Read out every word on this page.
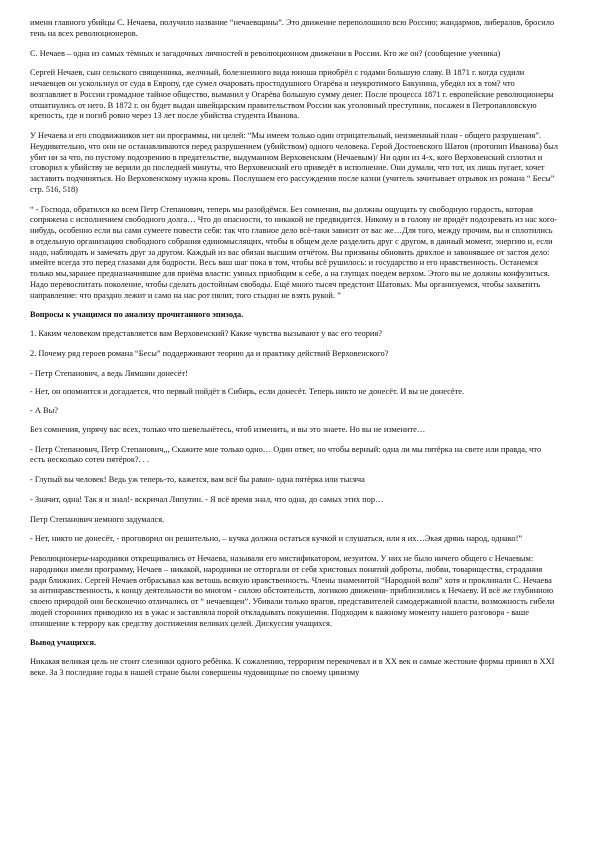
имени главного убийцы С. Нечаева, получило название “нечаевщины”. Это движение переполошило всю Россию; жандармов, либералов, бросило тень на всех революционеров.

С. Нечаев – одна из самых тёмных и загадочных личностей в революционном движении в России. Кто же он? (сообщение ученика)

Сергей Нечаев, сын сельского священника, желчный, болезненного вида юноша приобрёл с годами большую славу. В 1871 г. когда судили нечаевцев он ускользнул от суда в Европу, где сумел очаровать простодушного Огарёва и неукротимого Бакунина, убедил их в том? что возглавляет в России громадное тайное общество, выманил у Огарёва большую сумму денег. После процесса 1871 г. европейские революционеры отшатнулись от него. В 1872 г. он будет выдан швейцарским правительством России как уголовный преступник, посажен в Петропавловскую крепость, где и погиб ровно через 13 лет после убийства студента Иванова.

У Нечаева и его сподвижников нет ни программы, ни целей: “Мы имеем только один отрицательный, неизменный план - общего разрушения”. Неудивительно, что они не останавливаются перед разрушением (убийством) одного человека. Герой Достоевского Шатов (протопип Иванова) был убит ни за что, по пустому подозрению в предательстве, выдуманном Верховенским (Нечаевым)/ Ни один из 4-х, кого Верховенский сплотил и сговорил к убийству не верили до последней минуты, что Верховенский его приведёт в исполнение. Они думали, что тот, их лишь пугает, хочет заставить подчиняться. Но Верховенскому нужна кровь. Послушаем его рассуждения после казни (учитель зачитывает отрывок из романа “ Бесы” стр. 516, 518)

“ - Господа, обратился ко всем Петр Степанович, теперь мы разойдёмся. Без сомнения, вы должны ощущать ту свободную гордость, которая сопряжена с исполнением свободного долга… Что до опасности, то никакой не предвидится. Никому и в голову не придёт подозревать из нас кого-нибудь, особенно если вы сами сумеете повести себя: так что главное дело всё-таки зависит от вас же…Для того, между прочим, вы и сплотились в отдельную организацию свободного собрания единомыслящих, чтобы в общем деле разделить друг с другом, в данный момент, энергию и, если надо, наблюдать и замечать друг за другом. Каждый из вас обязан высшим отчётом. Вы призваны обновить дряхлое и завонявшее от застоя дело: имейте всегда это перед глазами для бодрости. Весь ваш шаг пока в том, чтобы всё рушилось: и государство и его нравственность. Останемся только мы,заранее предназначившие для приёма власти: умных приобщим к себе, а на глупцах поедем верхом. Этого вы не должны конфузиться. Надо перевоспитать поколение, чтобы сделать достойным свободы. Ещё много тысяч предстоит Шатовых. Мы организуемся, чтобы захватить направление: что праздно лежит и само на нас рот пялит, того стыдно не взять рукой. ”

Вопросы к учащимся по анализу прочитанного эпизода.

1. Каким человеком представляется вам Верховенский? Какие чувства вызывают у вас его теория?

2. Почему ряд героев романа “Бесы” поддерживают теорию да и практику действий Верховенского?

- Петр Степанович, а ведь Лямшин донесёт!

- Нет, он опомнится и догадается, что первый пойдёт в Сибирь, если донесёт. Теперь никто не донесёт. И вы не донесёте.

- А Вы?

Без сомнения, упрячу вас всех, только что шевельнётесь, чтоб изменить, и вы это знаете. Но вы не измените…

- Петр Степанович, Петр Степанович,,, Скажите мне только одно… Один ответ, но чтобы верный: одна ли мы пятёрка на свете или правда, что есть несколько сотен пятёрок?. . .

- Глупый вы человек! Ведь уж теперь-то, кажется, вам всё бы равно- одна пятёрка или тысяча

- Значит, одна! Так я и знал!- вскричал Липутин. - Я всё время знал, что одна, до самых этих пор…

Петр Степанович немного задумался.

- Нет, никто не донесёт, - проговорил он решительно, – кучка должна остаться кучкой и слушаться, или я их…Экая дрянь народ, однако!”

Революционеры-народники открещивались от Нечаева, называли его мистификатором, иезуитом. У них не было ничего общего с Нечаевым: народники имели программу, Нечаев – никакой, народники не отторгали от себя христовых понятий доброты, любви, товарищества, страдания ради ближних. Сергей Нечаев отбрасывал как ветошь всякую нравственность. Члены знаменитой “Народной воли” хотя и проклинали С. Нечаева за антинравственность, к концу деятельности во многом - силою обстоятельств, логикою движения- приблизились к Нечаеву. И всё же глубинною своею природой они бесконечно отличались от “ нечаевщеи”. Убивали только врагов, представителей самодержавной власти, возможность гибели людей сторонних приводило их в ужас и заставляла порой откладывать покушения. Подходим к важному моменту нашего разговора - ваше отношение к террору как средству достижения великих целей. Дискуссия учащихся.

Вывод учащихся.

Никакая великая цель не стоит слезинки одного ребёнка. К сожалению, терроризм перекочевал и в XX век и самые жестокие формы принял в XXI веке. За 3 последние годы в нашей стране были совершены чудовищные по своему цинизму
